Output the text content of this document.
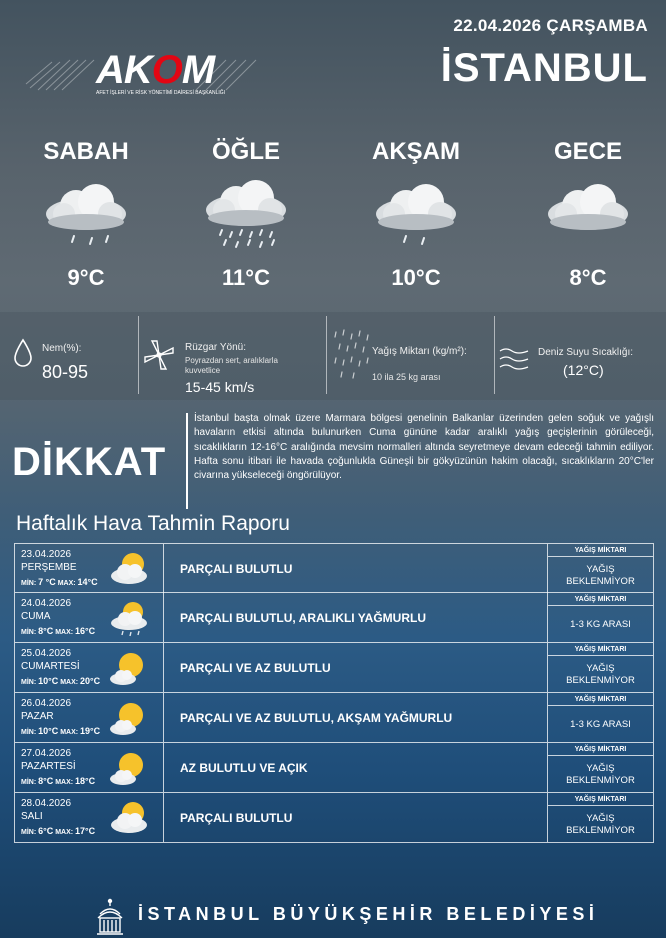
22.04.2026 ÇARŞAMBA
İSTANBUL
AKOM
AFET İŞLERİ VE RİSK YÖNETİMİ DAİRESİ BAŞKANLIĞI
SABAH
9°C
ÖĞLE
11°C
AKŞAM
10°C
GECE
8°C
Nem(%):
80-95
Rüzgar Yönü:
Poyrazdan sert, aralıklarla kuvvetlice
15-45 km/s
Yağış Miktarı (kg/m²):
10 ila 25 kg arası
Deniz Suyu Sıcaklığı:
(12°C)
DİKKAT
İstanbul başta olmak üzere Marmara bölgesi genelinin Balkanlar üzerinden gelen soğuk ve yağışlı havaların etkisi altında bulunurken Cuma gününe kadar aralıklı yağış geçişlerinin görüleceği, sıcaklıkların 12-16°C aralığında mevsim normalleri altında seyretmeye devam edeceği tahmin ediliyor. Hafta sonu itibari ile havada çoğunlukla Güneşli bir gökyüzünün hakim olacağı, sıcaklıkların 20°C'ler civarına yükseleceği öngörülüyor.
Haftalık Hava Tahmin Raporu
23.04.2026
PERŞEMBE
MİN: 7 °C MAX: 14°C
PARÇALI BULUTLU
YAĞIŞ MİKTARI
YAĞIŞ
BEKLENMİYOR
24.04.2026
CUMA
MİN: 8°C MAX: 16°C
PARÇALI BULUTLU, ARALIKLI YAĞMURLU
YAĞIŞ MİKTARI
1-3 KG ARASI
25.04.2026
CUMARTESİ
MİN: 10°C MAX: 20°C
PARÇALI VE AZ BULUTLU
YAĞIŞ MİKTARI
YAĞIŞ
BEKLENMİYOR
26.04.2026
PAZAR
MİN: 10°C MAX: 19°C
PARÇALI VE AZ BULUTLU, AKŞAM YAĞMURLU
YAĞIŞ MİKTARI
1-3 KG ARASI
27.04.2026
PAZARTESİ
MİN: 8°C MAX: 18°C
AZ BULUTLU VE AÇIK
YAĞIŞ MİKTARI
YAĞIŞ
BEKLENMİYOR
28.04.2026
SALI
MİN: 6°C MAX: 17°C
PARÇALI BULUTLU
YAĞIŞ MİKTARI
YAĞIŞ
BEKLENMİYOR
İSTANBUL BÜYÜKŞEHİR BELEDİYESİ
